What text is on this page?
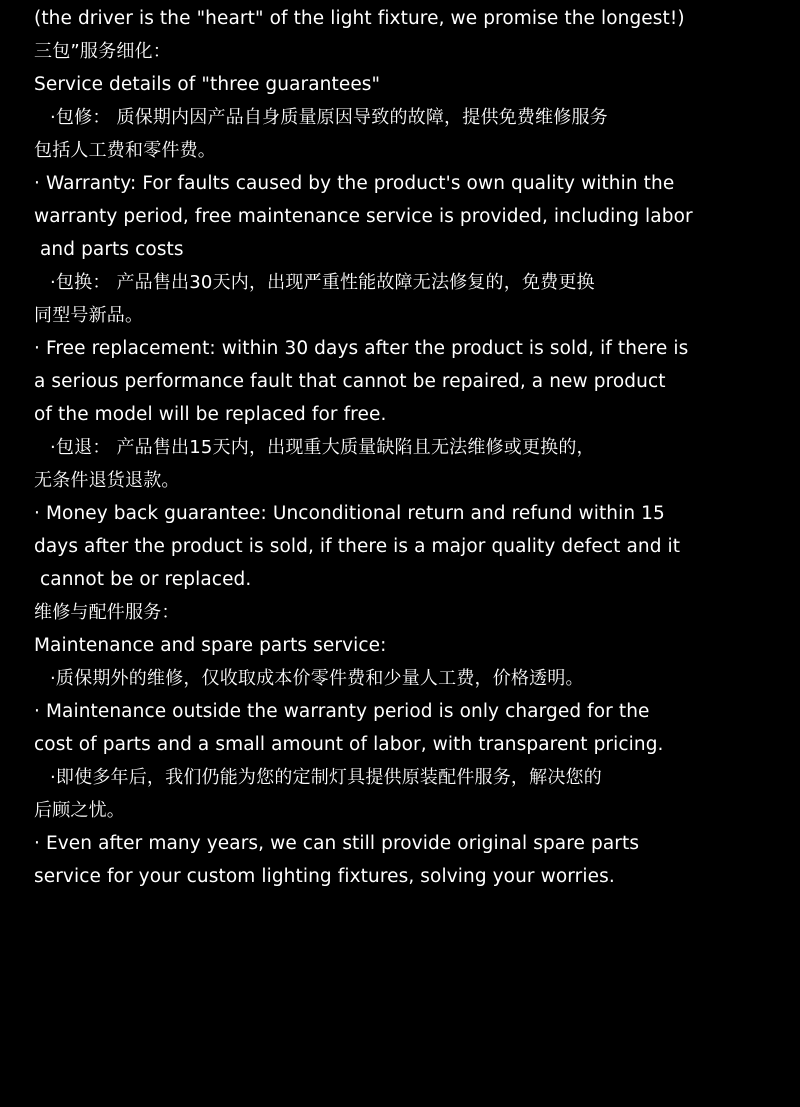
(the driver is the "heart" of the light fixture, we promise the longest!)
三包”服务细化：
Service details of "three guarantees"
·包修： 质保期内因产品自身质量原因导致的故障，提供免费维修服务
包括人工费和零件费。
· Warranty: For faults caused by the product's own quality within the
warranty period, free maintenance service is provided, including labor
and parts costs
·包换： 产品售出30天内，出现严重性能故障无法修复的，免费更换
同型号新品。
· Free replacement: within 30 days after the product is sold, if there is
a serious performance fault that cannot be repaired, a new product
of the model will be replaced for free.
·包退： 产品售出15天内，出现重大质量缺陷且无法维修或更换的，
无条件退货退款。
· Money back guarantee: Unconditional return and refund within 15
days after the product is sold, if there is a major quality defect and it
cannot be or replaced.
维修与配件服务：
Maintenance and spare parts service:
·质保期外的维修，仅收取成本价零件费和少量人工费，价格透明。
· Maintenance outside the warranty period is only charged for the
cost of parts and a small amount of labor, with transparent pricing.
·即使多年后，我们仍能为您的定制灯具提供原装配件服务，解决您的
后顾之忧。
· Even after many years, we can still provide original spare parts
service for your custom lighting fixtures, solving your worries.
